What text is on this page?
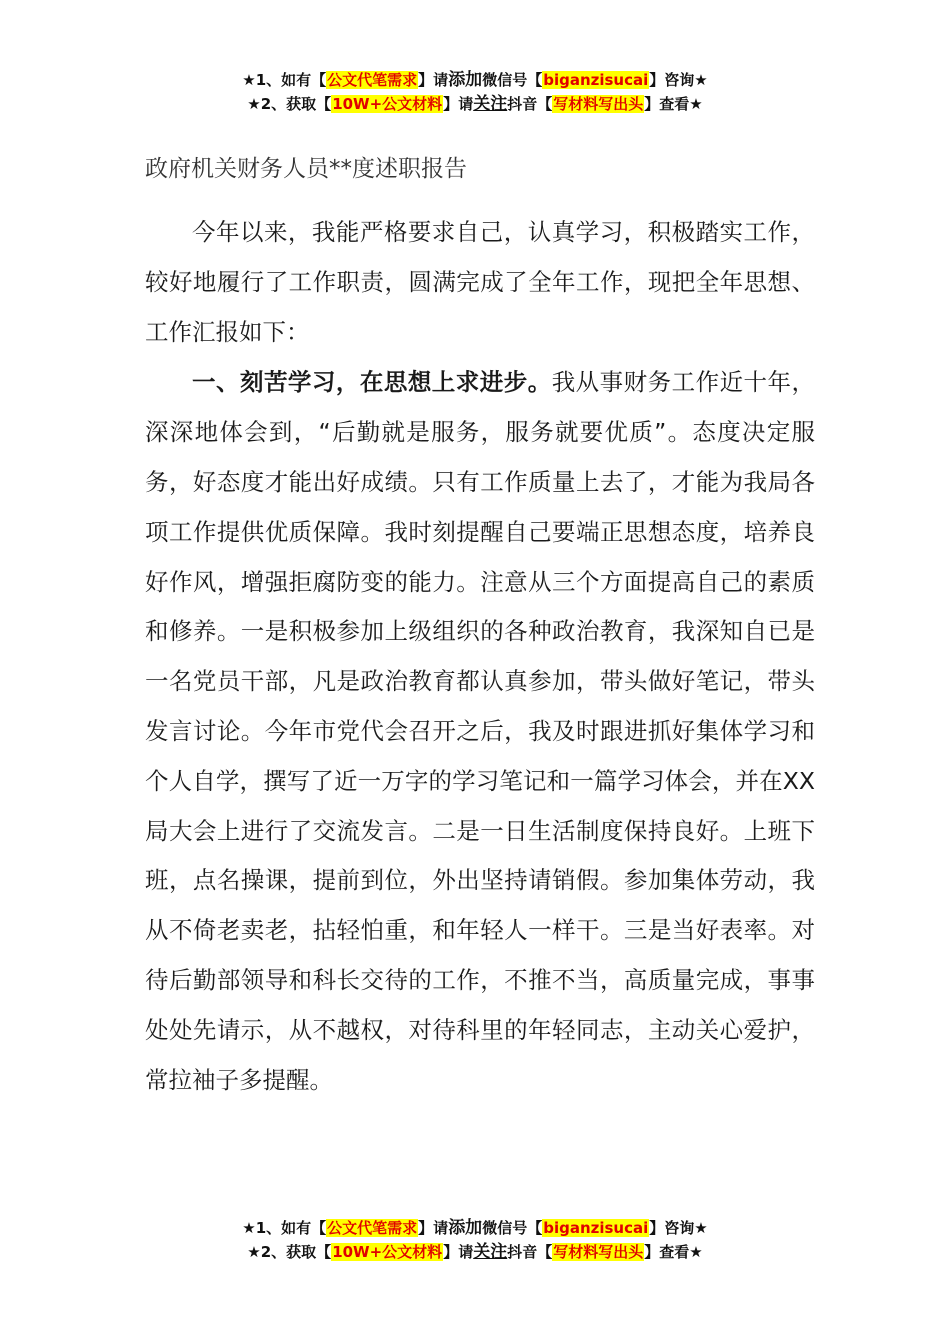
★1、如有【公文代笔需求】请添加微信号【biganzisucai】咨询★
★2、获取【10W+公文材料】请关注抖音【写材料写出头】查看★
政府机关财务人员**度述职报告

今年以来，我能严格要求自己，认真学习，积极踏实工作，较好地履行了工作职责，圆满完成了全年工作，现把全年思想、工作汇报如下：

一、刻苦学习，在思想上求进步。我从事财务工作近十年，深深地体会到，“后勤就是服务，服务就要优质”。态度决定服务，好态度才能出好成绩。只有工作质量上去了，才能为我局各项工作提供优质保障。我时刻提醒自己要端正思想态度，培养良好作风，增强拒腐防变的能力。注意从三个方面提高自己的素质和修养。一是积极参加上级组织的各种政治教育，我深知自已是一名党员干部，凡是政治教育都认真参加，带头做好笔记，带头发言讨论。今年市党代会召开之后，我及时跟进抓好集体学习和个人自学，撰写了近一万字的学习笔记和一篇学习体会，并在XX局大会上进行了交流发言。二是一日生活制度保持良好。上班下班，点名操课，提前到位，外出坚持请销假。参加集体劳动，我从不倚老卖老，拈轻怕重，和年轻人一样干。三是当好表率。对待后勤部领导和科长交待的工作，不推不当，高质量完成，事事处处先请示，从不越权，对待科里的年轻同志，主动关心爱护，常拉袖子多提醒。

★1、如有【公文代笔需求】请添加微信号【biganzisucai】咨询★
★2、获取【10W+公文材料】请关注抖音【写材料写出头】查看★
